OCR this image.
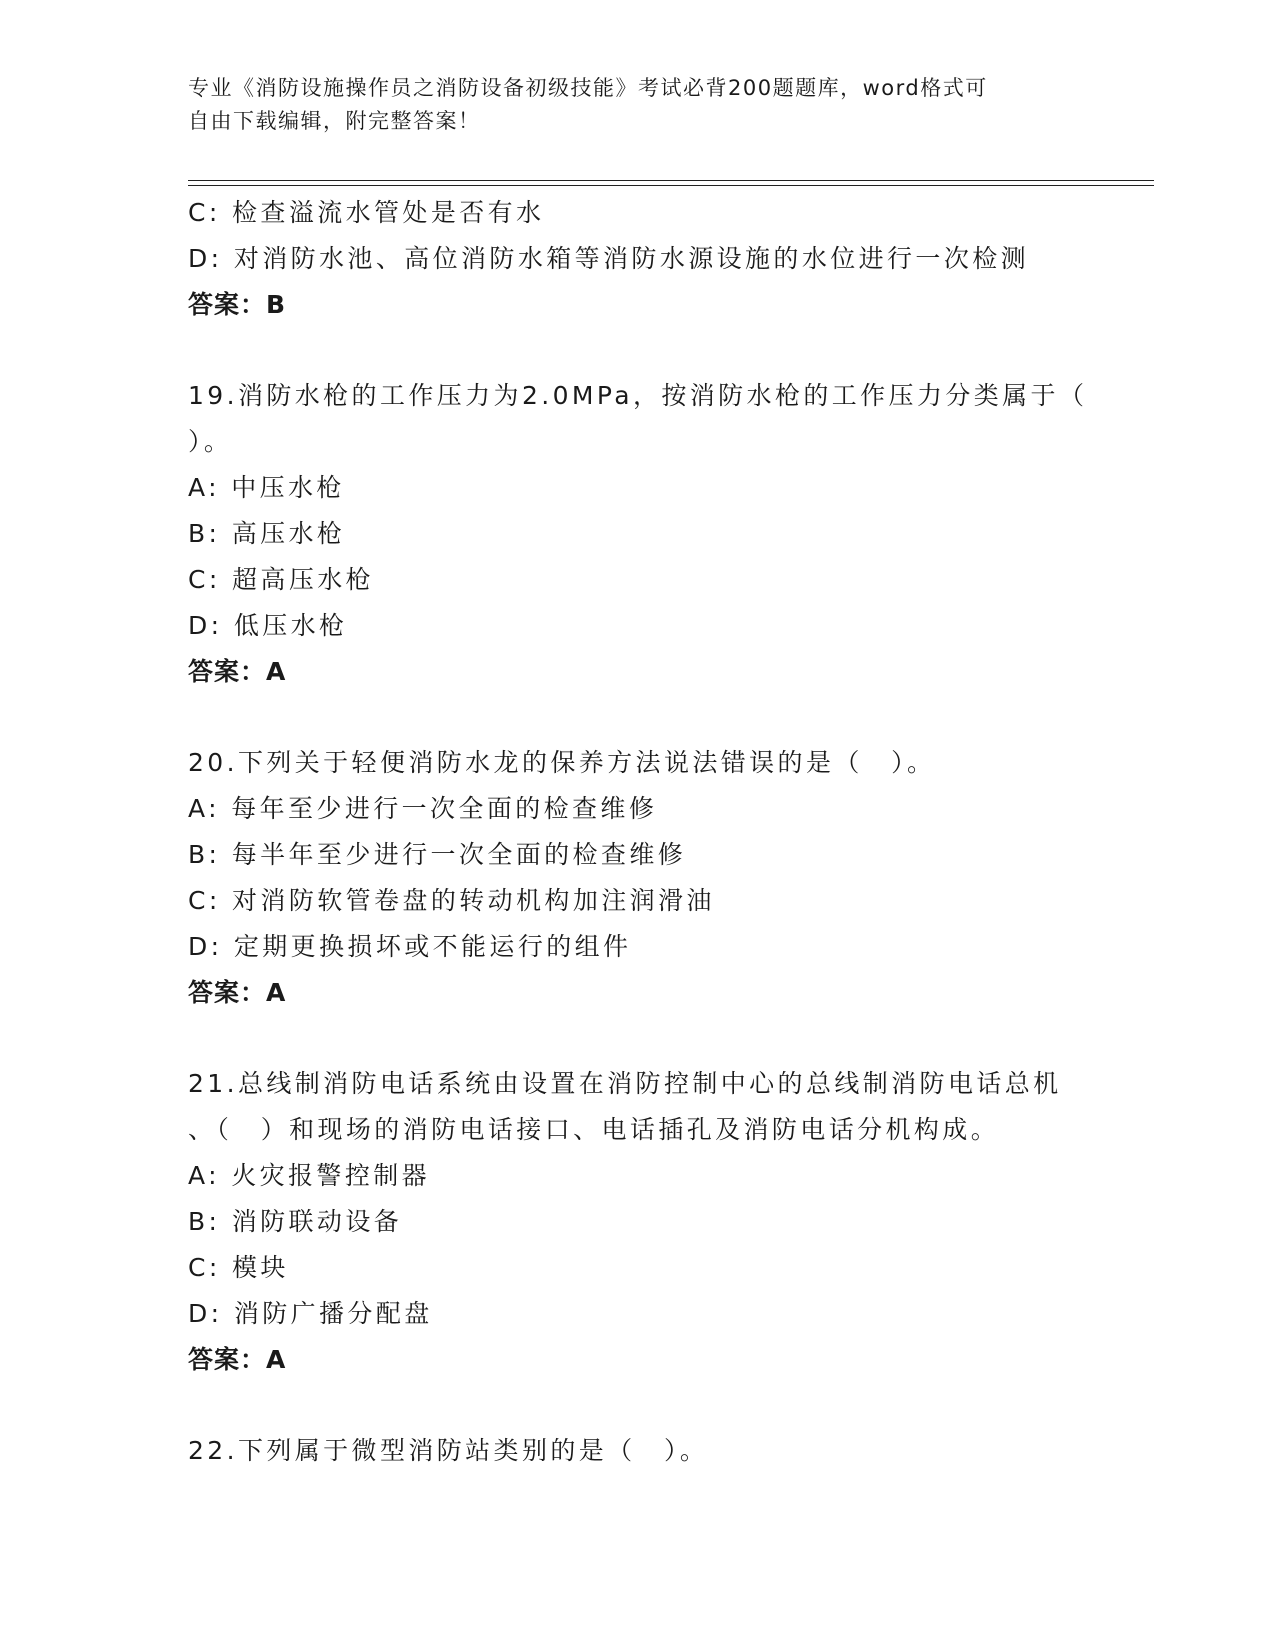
专业《消防设施操作员之消防设备初级技能》考试必背200题题库，word格式可
自由下载编辑，附完整答案！
C: 检查溢流水管处是否有水
D: 对消防水池、高位消防水箱等消防水源设施的水位进行一次检测
答案：B
19.消防水枪的工作压力为2.0MPa，按消防水枪的工作压力分类属于（
）。
A: 中压水枪
B: 高压水枪
C: 超高压水枪
D: 低压水枪
答案：A
20.下列关于轻便消防水龙的保养方法说法错误的是（　）。
A: 每年至少进行一次全面的检查维修
B: 每半年至少进行一次全面的检查维修
C: 对消防软管卷盘的转动机构加注润滑油
D: 定期更换损坏或不能运行的组件
答案：A
21.总线制消防电话系统由设置在消防控制中心的总线制消防电话总机
、（　）和现场的消防电话接口、电话插孔及消防电话分机构成。
A: 火灾报警控制器
B: 消防联动设备
C: 模块
D: 消防广播分配盘
答案：A
22.下列属于微型消防站类别的是（　）。
